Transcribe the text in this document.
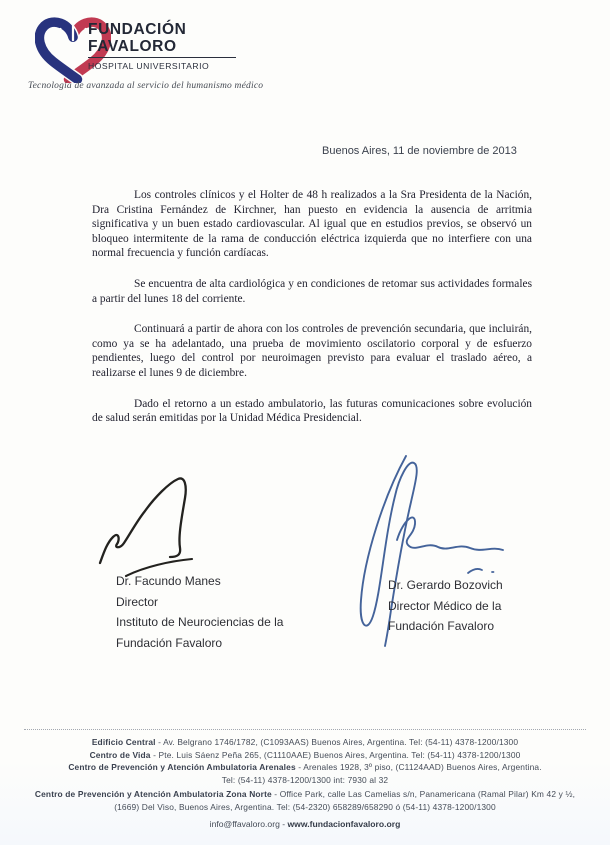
FUNDACIÓN
FAVALORO
HOSPITAL UNIVERSITARIO
Tecnología de avanzada al servicio del humanismo médico
Buenos Aires, 11 de noviembre de 2013

Los controles clínicos y el Holter de 48 h realizados a la Sra Presidenta de la Nación, Dra Cristina Fernández de Kirchner, han puesto en evidencia la ausencia de arritmia significativa y un buen estado cardiovascular. Al igual que en estudios previos, se observó un bloqueo intermitente de la rama de conducción eléctrica izquierda que no interfiere con una normal frecuencia y función cardíacas.

Se encuentra de alta cardiológica y en condiciones de retomar sus actividades formales a partir del lunes 18 del corriente.

Continuará a partir de ahora con los controles de prevención secundaria, que incluirán, como ya se ha adelantado, una prueba de movimiento oscilatorio corporal y de esfuerzo pendientes, luego del control por neuroimagen previsto para evaluar el traslado aéreo, a realizarse el lunes 9 de diciembre.

Dado el retorno a un estado ambulatorio, las futuras comunicaciones sobre evolución de salud serán emitidas por la Unidad Médica Presidencial.

Dr. Facundo Manes
Director
Instituto de Neurociencias de la
Fundación Favaloro
Dr. Gerardo Bozovich
Director Médico de la
Fundación Favaloro
Edificio Central - Av. Belgrano 1746/1782, (C1093AAS) Buenos Aires, Argentina. Tel: (54-11) 4378-1200/1300
Centro de Vida - Pte. Luis Sáenz Peña 265, (C1110AAE) Buenos Aires, Argentina. Tel: (54-11) 4378-1200/1300
Centro de Prevención y Atención Ambulatoria Arenales - Arenales 1928, 3º piso, (C1124AAD) Buenos Aires, Argentina.
Tel: (54-11) 4378-1200/1300 int: 7930 al 32
Centro de Prevención y Atención Ambulatoria Zona Norte - Office Park, calle Las Camelias s/n, Panamericana (Ramal Pilar) Km 42 y ½,
(1669) Del Viso, Buenos Aires, Argentina. Tel: (54-2320) 658289/658290 ó (54-11) 4378-1200/1300
info@ffavaloro.org - www.fundacionfavaloro.org
